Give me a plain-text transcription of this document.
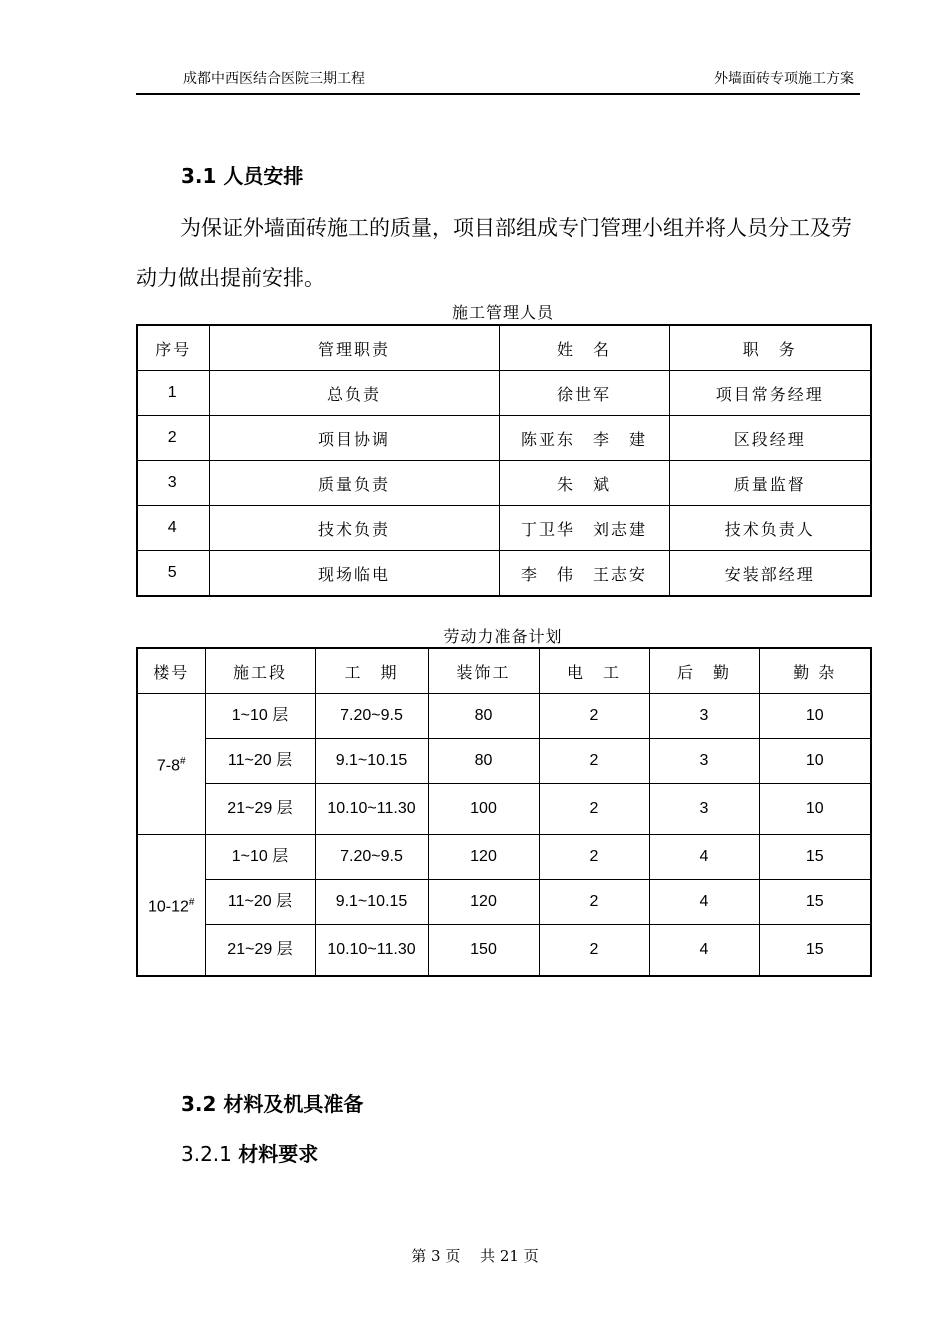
成都中西医结合医院三期工程	外墙面砖专项施工方案
3.1 人员安排
为保证外墙面砖施工的质量，项目部组成专门管理小组并将人员分工及劳动力做出提前安排。
施工管理人员
序号	管理职责	姓　名	职　务
1	总负责	徐世军	项目常务经理
2	项目协调	陈亚东　李　建	区段经理
3	质量负责	朱　斌	质量监督
4	技术负责	丁卫华　刘志建	技术负责人
5	现场临电	李　伟　王志安	安装部经理
劳动力准备计划
楼号	施工段	工　期	装饰工	电　工	后　勤	勤 杂
7-8#	1~10 层	7.20~9.5	80	2	3	10
	11~20 层	9.1~10.15	80	2	3	10
	21~29 层	10.10~11.30	100	2	3	10
10-12#	1~10 层	7.20~9.5	120	2	4	15
	11~20 层	9.1~10.15	120	2	4	15
	21~29 层	10.10~11.30	150	2	4	15
3.2 材料及机具准备
3.2.1 材料要求
第 3 页　 共 21 页
